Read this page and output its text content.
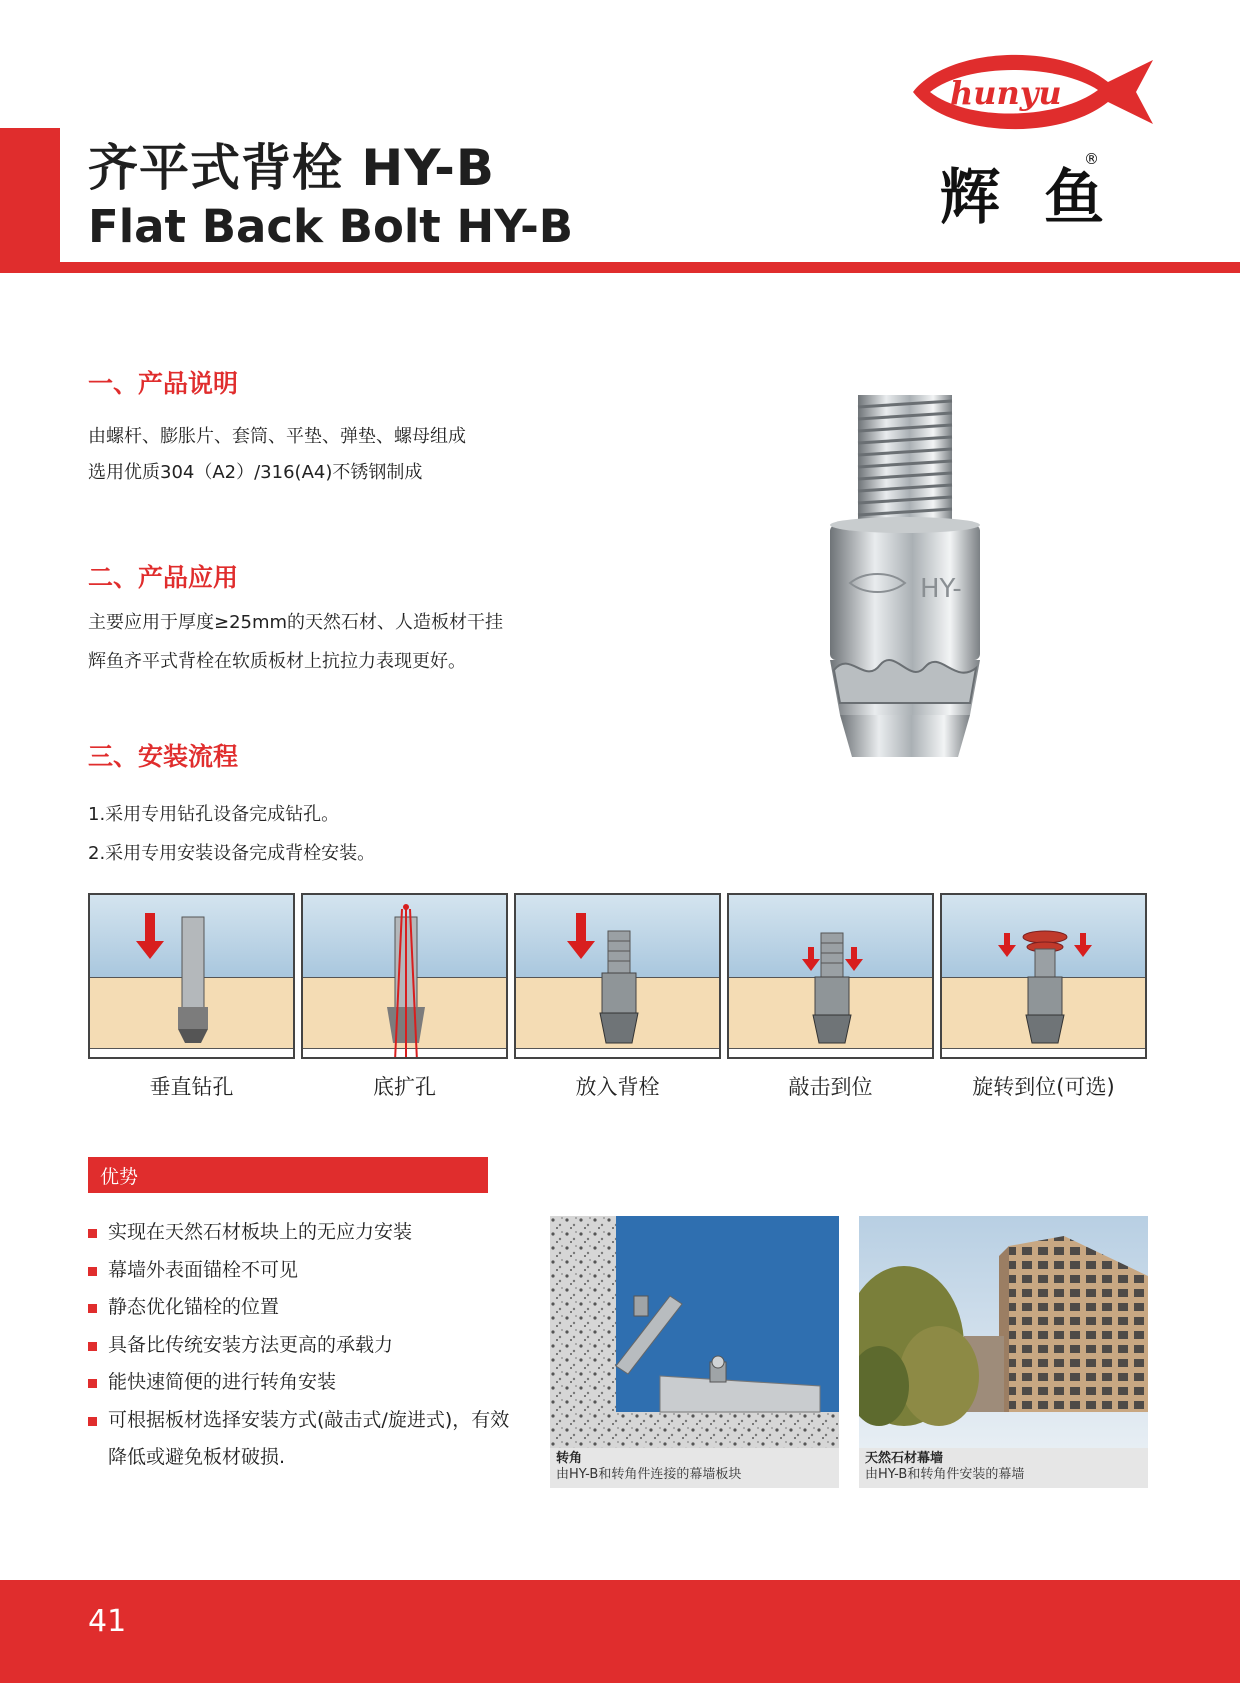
齐平式背栓 HY-B
Flat Back Bolt HY-B
hunyu
辉鱼
®
一、产品说明
由螺杆、膨胀片、套筒、平垫、弹垫、螺母组成
选用优质304（A2）/316(A4)不锈钢制成
二、产品应用
主要应用于厚度≥25mm的天然石材、人造板材干挂
辉鱼齐平式背栓在软质板材上抗拉力表现更好。
三、安装流程
1.采用专用钻孔设备完成钻孔。
2.采用专用安装设备完成背栓安装。
HY-
垂直钻孔	底扩孔	放入背栓	敲击到位	旋转到位(可选)
优势
实现在天然石材板块上的无应力安装
幕墙外表面锚栓不可见
静态优化锚栓的位置
具备比传统安装方法更高的承载力
能快速简便的进行转角安装
可根据板材选择安装方式(敲击式/旋进式)，有效降低或避免板材破损.	转角
由HY-B和转角件连接的幕墙板块
天然石材幕墙
由HY-B和转角件安装的幕墙
41
